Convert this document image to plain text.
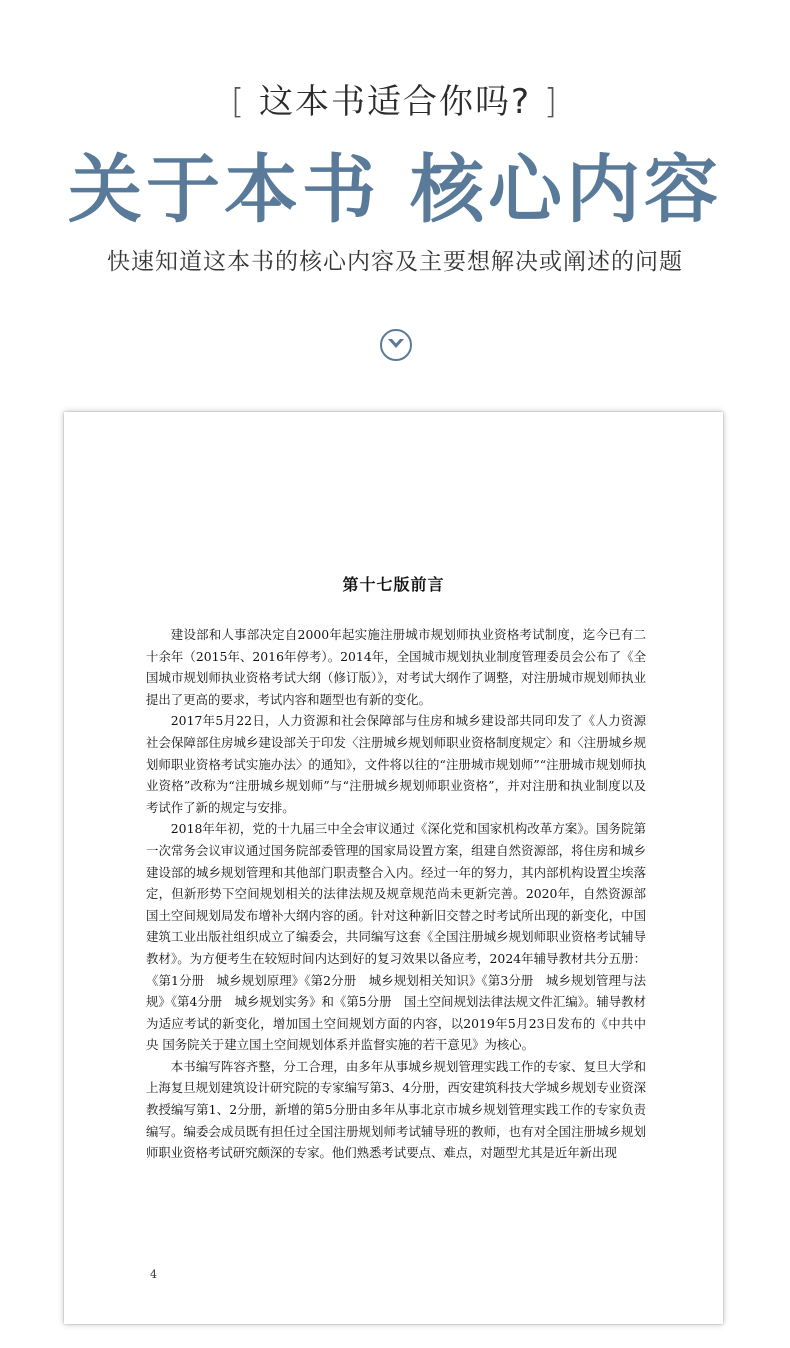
[ 这本书适合你吗? ]
关于本书 核心内容
快速知道这本书的核心内容及主要想解决或阐述的问题
第十七版前言

建设部和人事部决定自2000年起实施注册城市规划师执业资格考试制度，迄今已有二十余年（2015年、2016年停考）。2014年，全国城市规划执业制度管理委员会公布了《全国城市规划师执业资格考试大纲（修订版）》，对考试大纲作了调整，对注册城市规划师执业提出了更高的要求，考试内容和题型也有新的变化。

2017年5月22日，人力资源和社会保障部与住房和城乡建设部共同印发了《人力资源社会保障部住房城乡建设部关于印发〈注册城乡规划师职业资格制度规定〉和〈注册城乡规划师职业资格考试实施办法〉的通知》，文件将以往的“注册城市规划师”“注册城市规划师执业资格”改称为“注册城乡规划师”与“注册城乡规划师职业资格”，并对注册和执业制度以及考试作了新的规定与安排。

2018年年初，党的十九届三中全会审议通过《深化党和国家机构改革方案》。国务院第一次常务会议审议通过国务院部委管理的国家局设置方案，组建自然资源部，将住房和城乡建设部的城乡规划管理和其他部门职责整合入内。经过一年的努力，其内部机构设置尘埃落定，但新形势下空间规划相关的法律法规及规章规范尚未更新完善。2020年，自然资源部国土空间规划局发布增补大纲内容的函。针对这种新旧交替之时考试所出现的新变化，中国建筑工业出版社组织成立了编委会，共同编写这套《全国注册城乡规划师职业资格考试辅导教材》。为方便考生在较短时间内达到好的复习效果以备应考，2024年辅导教材共分五册：《第1分册　城乡规划原理》《第2分册　城乡规划相关知识》《第3分册　城乡规划管理与法规》《第4分册　城乡规划实务》和《第5分册　国土空间规划法律法规文件汇编》。辅导教材为适应考试的新变化，增加国土空间规划方面的内容，以2019年5月23日发布的《中共中央 国务院关于建立国土空间规划体系并监督实施的若干意见》为核心。

本书编写阵容齐整，分工合理，由多年从事城乡规划管理实践工作的专家、复旦大学和上海复旦规划建筑设计研究院的专家编写第3、4分册，西安建筑科技大学城乡规划专业资深教授编写第1、2分册，新增的第5分册由多年从事北京市城乡规划管理实践工作的专家负责编写。编委会成员既有担任过全国注册规划师考试辅导班的教师，也有对全国注册城乡规划师职业资格考试研究颇深的专家。他们熟悉考试要点、难点，对题型尤其是近年新出现

4
